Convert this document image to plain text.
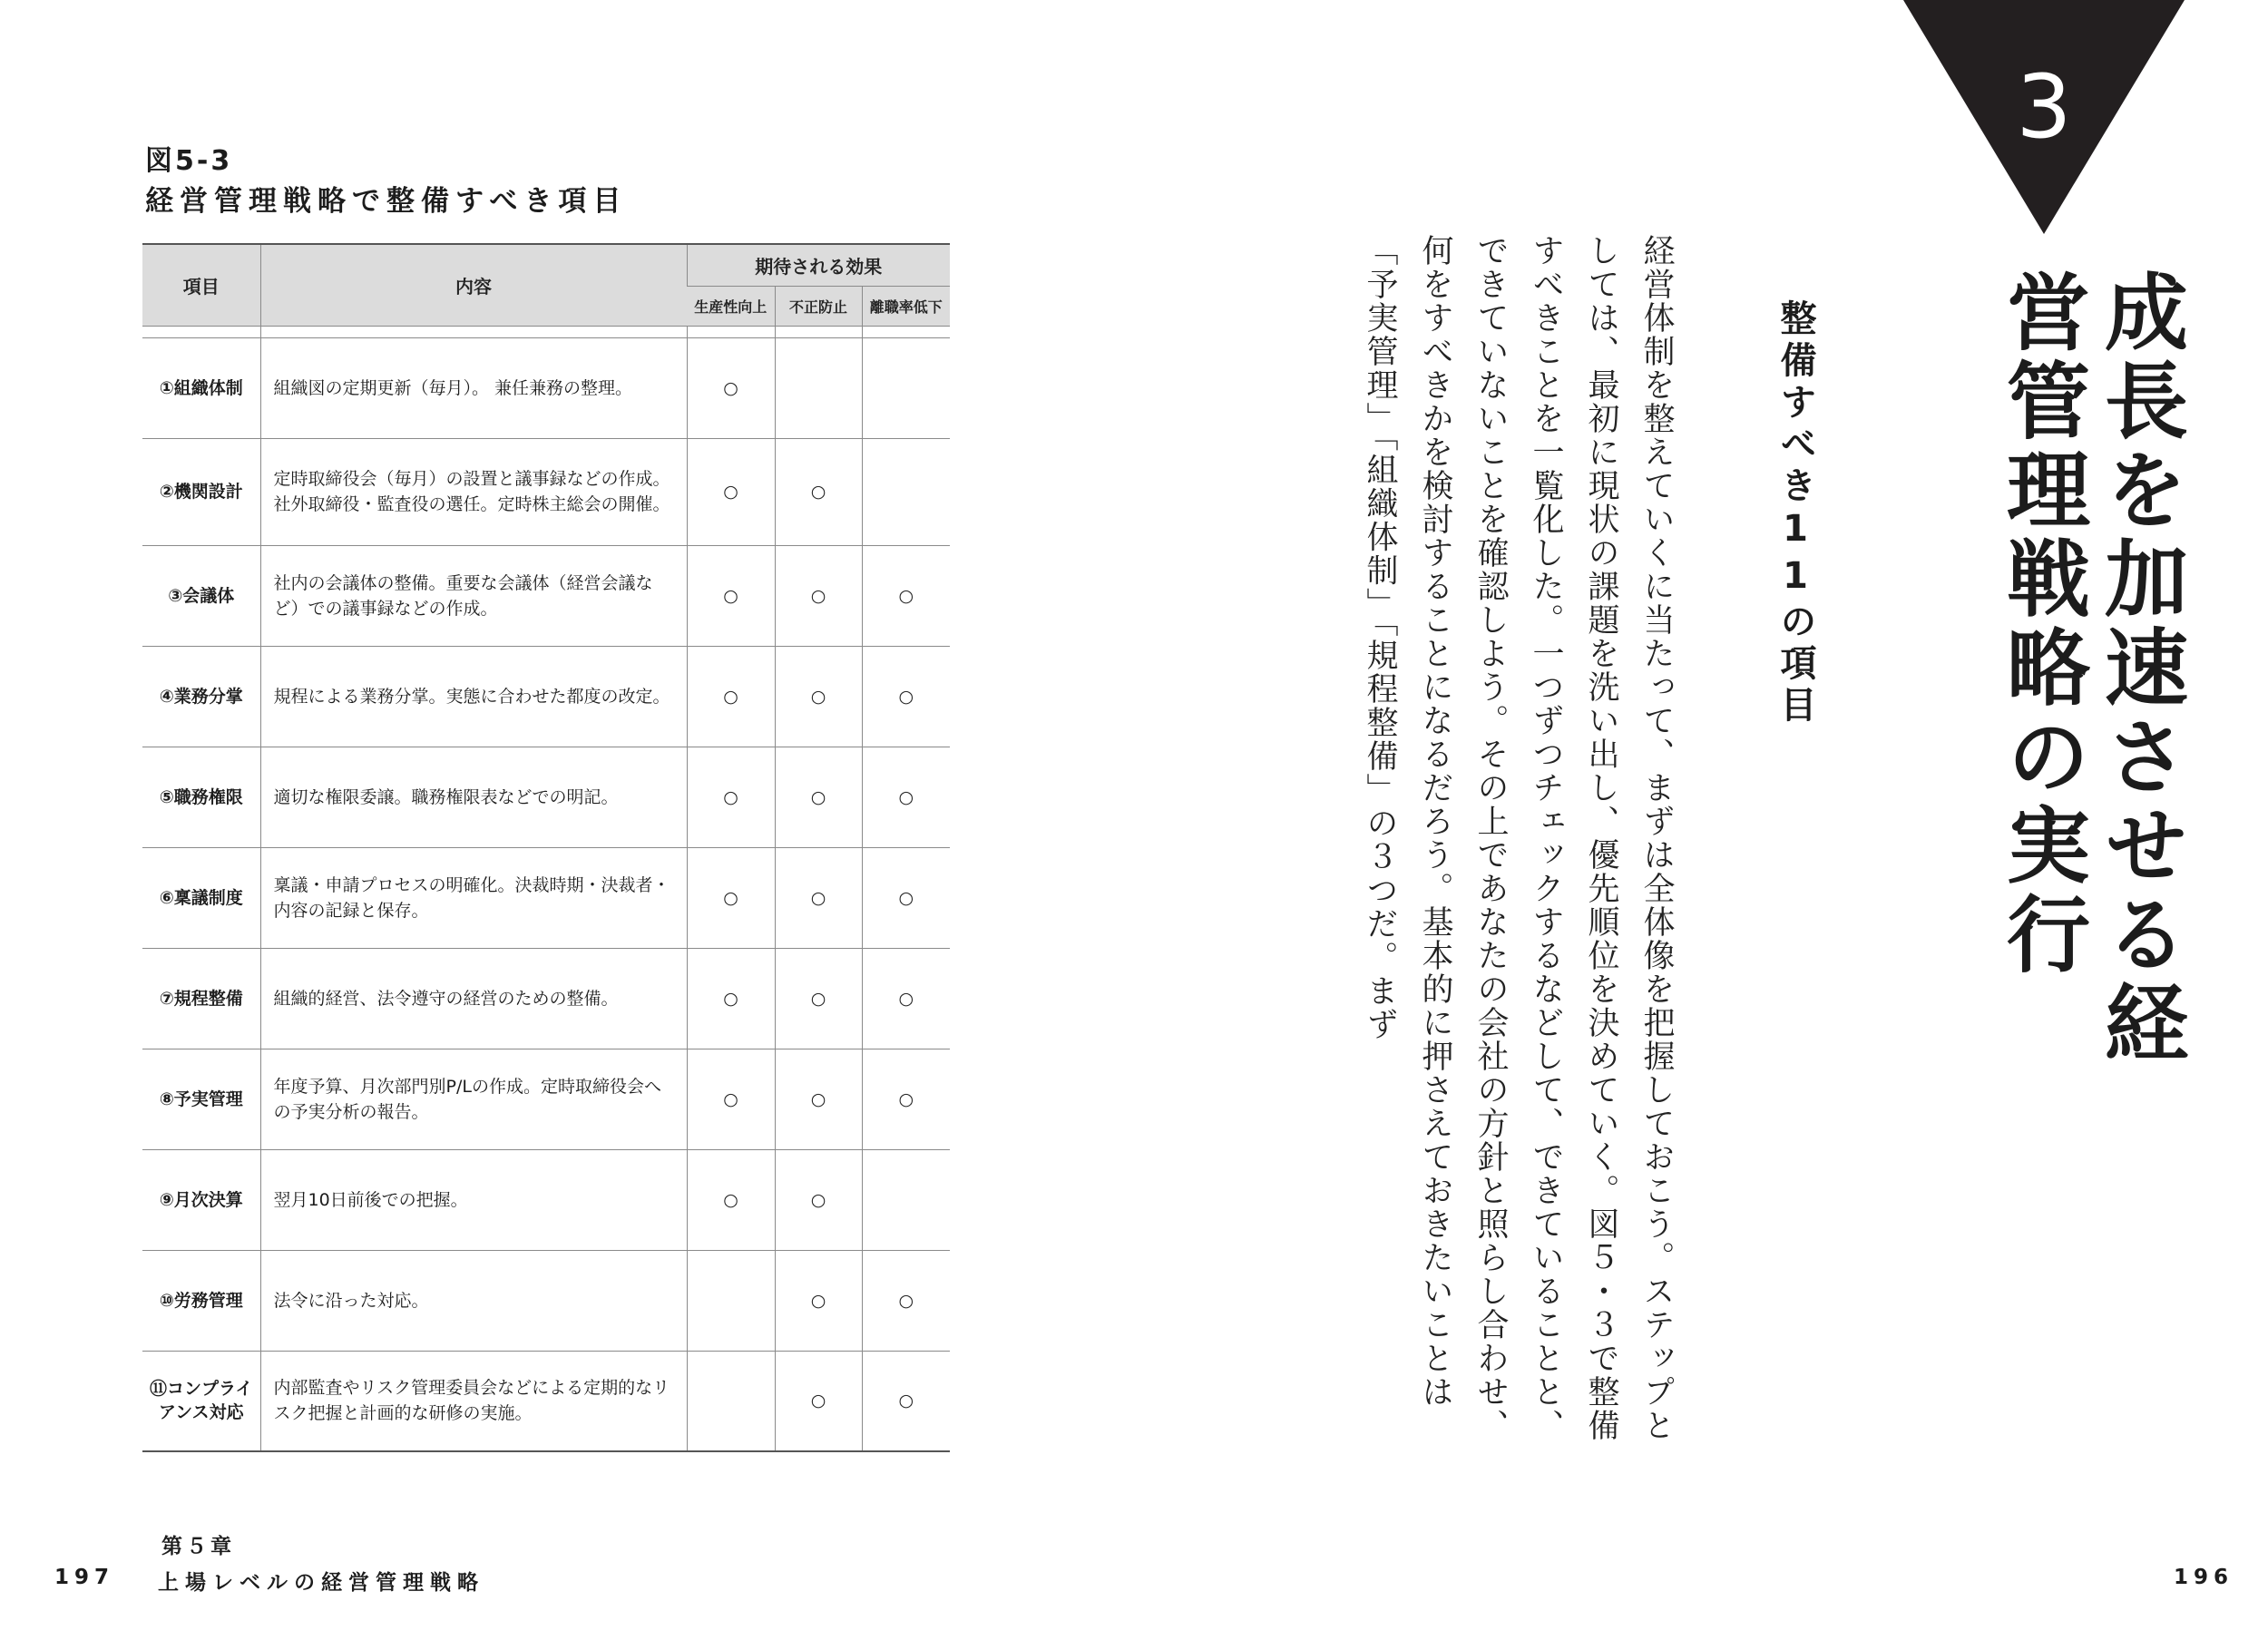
図5-3
経営管理戦略で整備すべき項目
項目	内容	期待される効果		
		生産性向上	不正防止	離職率低下

①組織体制	組織図の定期更新（毎月）。 兼任兼務の整理。	○		
②機関設計	定時取締役会（毎月）の設置と議事録などの作成。社外取締役・監査役の選任。定時株主総会の開催。	○	○	
③会議体	社内の会議体の整備。重要な会議体（経営会議など）での議事録などの作成。	○	○	○
④業務分掌	規程による業務分掌。実態に合わせた都度の改定。	○	○	○
⑤職務権限	適切な権限委譲。職務権限表などでの明記。	○	○	○
⑥稟議制度	稟議・申請プロセスの明確化。決裁時期・決裁者・内容の記録と保存。	○	○	○
⑦規程整備	組織的経営、法令遵守の経営のための整備。	○	○	○
⑧予実管理	年度予算、月次部門別P/Lの作成。定時取締役会への予実分析の報告。	○	○	○
⑨月次決算	翌月10日前後での把握。	○	○	
⑩労務管理	法令に沿った対応。		○	○
⑪コンプライアンス対応	内部監査やリスク管理委員会などによる定期的なリスク把握と計画的な研修の実施。		○	○
第５章
上場レベルの経営管理戦略
197	196
3
成長を加速させる経営管理戦略の実行
整備すべき11の項目
経営体制を整えていくに当たって、まずは全体像を把握しておこう。ステップとしては、最初に現状の課題を洗い出し、優先順位を決めていく。図５・３で整備すべきことを一覧化した。一つずつチェックするなどして、できていることと、できていないことを確認しよう。その上であなたの会社の方針と照らし合わせ、何をすべきかを検討することになるだろう。基本的に押さえておきたいことは「予実管理」「組織体制」「規程整備」の３つだ。まず
